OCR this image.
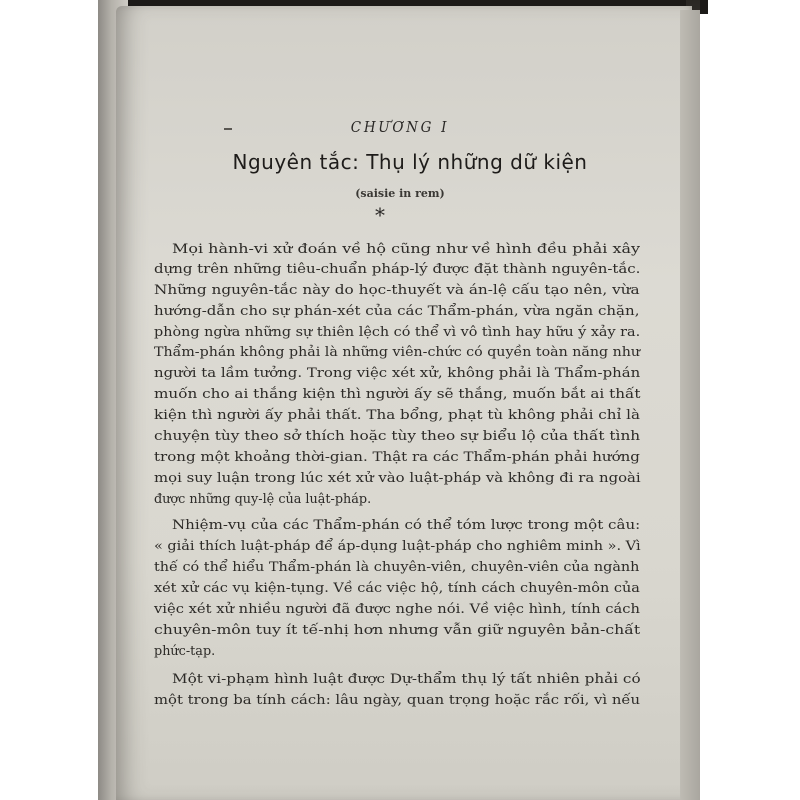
CHƯƠNG I
Nguyên tắc: Thụ lý những dữ kiện
(saisie in rem)
*
Mọi hành-vi xử đoán về hộ cũng như về hình đều phải xây
dựng trên những tiêu-chuẩn pháp-lý được đặt thành nguyên-tắc.
Những nguyên-tắc này do học-thuyết và án-lệ cấu tạo nên, vừa
hướng-dẫn cho sự phán-xét của các Thẩm-phán, vừa ngăn chặn,
phòng ngừa những sự thiên lệch có thể vì vô tình hay hữu ý xảy ra.
Thẩm-phán không phải là những viên-chức có quyền toàn năng như
người ta lầm tưởng. Trong việc xét xử, không phải là Thẩm-phán
muốn cho ai thắng kiện thì người ấy sẽ thắng, muốn bắt ai thất
kiện thì người ấy phải thất. Tha bổng, phạt tù không phải chỉ là
chuyện tùy theo sở thích hoặc tùy theo sự biểu lộ của thất tình
trong một khoảng thời-gian. Thật ra các Thẩm-phán phải hướng
mọi suy luận trong lúc xét xử vào luật-pháp và không đi ra ngoài
được những quy-lệ của luật-pháp.
Nhiệm-vụ của các Thẩm-phán có thể tóm lược trong một câu:
« giải thích luật-pháp để áp-dụng luật-pháp cho nghiêm minh ». Vì
thế có thể hiểu Thẩm-phán là chuyên-viên, chuyên-viên của ngành
xét xử các vụ kiện-tụng. Về các việc hộ, tính cách chuyên-môn của
việc xét xử nhiều người đã được nghe nói. Về việc hình, tính cách
chuyên-môn tuy ít tế-nhị hơn nhưng vẫn giữ nguyên bản-chất
phức-tạp.
Một vi-phạm hình luật được Dự-thẩm thụ lý tất nhiên phải có
một trong ba tính cách: lâu ngày, quan trọng hoặc rắc rối, vì nếu
